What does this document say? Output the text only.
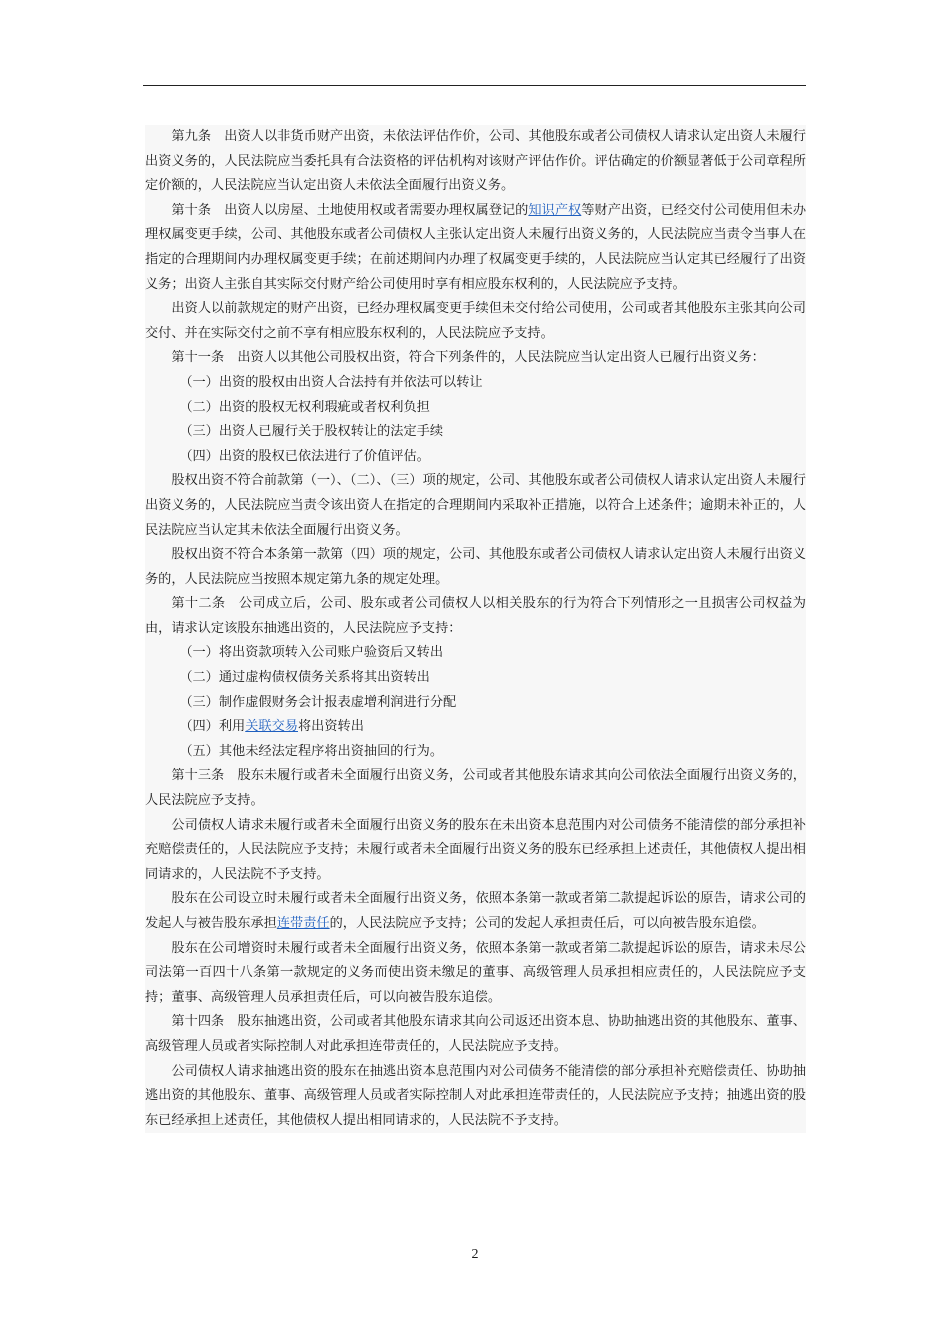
第九条　出资人以非货币财产出资，未依法评估作价，公司、其他股东或者公司债权人请求认定出资人未履行出资义务的，人民法院应当委托具有合法资格的评估机构对该财产评估作价。评估确定的价额显著低于公司章程所定价额的，人民法院应当认定出资人未依法全面履行出资义务。

第十条　出资人以房屋、土地使用权或者需要办理权属登记的知识产权等财产出资，已经交付公司使用但未办理权属变更手续，公司、其他股东或者公司债权人主张认定出资人未履行出资义务的，人民法院应当责令当事人在指定的合理期间内办理权属变更手续；在前述期间内办理了权属变更手续的，人民法院应当认定其已经履行了出资义务；出资人主张自其实际交付财产给公司使用时享有相应股东权利的，人民法院应予支持。

出资人以前款规定的财产出资，已经办理权属变更手续但未交付给公司使用，公司或者其他股东主张其向公司交付、并在实际交付之前不享有相应股东权利的，人民法院应予支持。

第十一条　出资人以其他公司股权出资，符合下列条件的，人民法院应当认定出资人已履行出资义务：

（一）出资的股权由出资人合法持有并依法可以转让

（二）出资的股权无权利瑕疵或者权利负担

（三）出资人已履行关于股权转让的法定手续

（四）出资的股权已依法进行了价值评估。

股权出资不符合前款第（一）、（二）、（三）项的规定，公司、其他股东或者公司债权人请求认定出资人未履行出资义务的，人民法院应当责令该出资人在指定的合理期间内采取补正措施，以符合上述条件；逾期未补正的，人民法院应当认定其未依法全面履行出资义务。

股权出资不符合本条第一款第（四）项的规定，公司、其他股东或者公司债权人请求认定出资人未履行出资义务的，人民法院应当按照本规定第九条的规定处理。

第十二条　公司成立后，公司、股东或者公司债权人以相关股东的行为符合下列情形之一且损害公司权益为由，请求认定该股东抽逃出资的，人民法院应予支持：

（一）将出资款项转入公司账户验资后又转出

（二）通过虚构债权债务关系将其出资转出

（三）制作虚假财务会计报表虚增利润进行分配

（四）利用关联交易将出资转出

（五）其他未经法定程序将出资抽回的行为。

第十三条　股东未履行或者未全面履行出资义务，公司或者其他股东请求其向公司依法全面履行出资义务的，人民法院应予支持。

公司债权人请求未履行或者未全面履行出资义务的股东在未出资本息范围内对公司债务不能清偿的部分承担补充赔偿责任的，人民法院应予支持；未履行或者未全面履行出资义务的股东已经承担上述责任，其他债权人提出相同请求的，人民法院不予支持。

股东在公司设立时未履行或者未全面履行出资义务，依照本条第一款或者第二款提起诉讼的原告，请求公司的发起人与被告股东承担连带责任的，人民法院应予支持；公司的发起人承担责任后，可以向被告股东追偿。

股东在公司增资时未履行或者未全面履行出资义务，依照本条第一款或者第二款提起诉讼的原告，请求未尽公司法第一百四十八条第一款规定的义务而使出资未缴足的董事、高级管理人员承担相应责任的，人民法院应予支持；董事、高级管理人员承担责任后，可以向被告股东追偿。

第十四条　股东抽逃出资，公司或者其他股东请求其向公司返还出资本息、协助抽逃出资的其他股东、董事、高级管理人员或者实际控制人对此承担连带责任的，人民法院应予支持。

公司债权人请求抽逃出资的股东在抽逃出资本息范围内对公司债务不能清偿的部分承担补充赔偿责任、协助抽逃出资的其他股东、董事、高级管理人员或者实际控制人对此承担连带责任的，人民法院应予支持；抽逃出资的股东已经承担上述责任，其他债权人提出相同请求的，人民法院不予支持。

2
